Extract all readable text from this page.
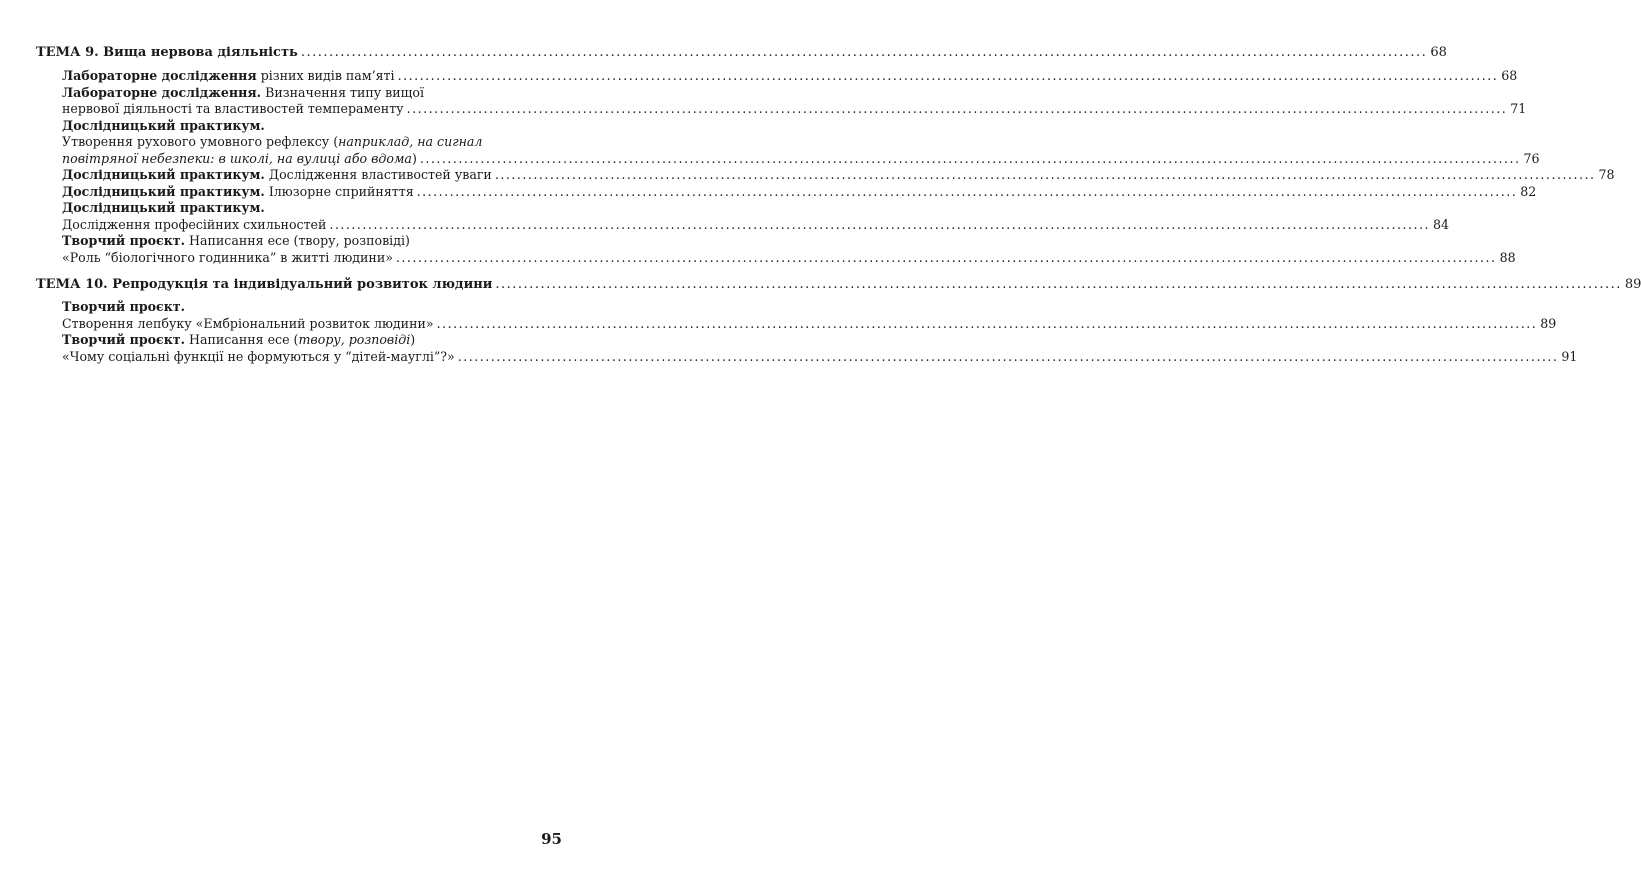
ТЕМА 9. Вища нервова діяльність ........................................................................................................................................................................................................ 68
Лабораторне дослідження різних видів пам’яті ........................................................................................................................................................................................................ 68
Лабораторне дослідження. Визначення типу вищої
нервової діяльності та властивостей темпераменту ........................................................................................................................................................................................................ 71
Дослідницький практикум.
Утворення рухового умовного рефлексу (наприклад, на сигнал
повітряної небезпеки: в школі, на вулиці або вдома) ........................................................................................................................................................................................................ 76
Дослідницький практикум. Дослідження властивостей уваги ........................................................................................................................................................................................................ 78
Дослідницький практикум. Ілюзорне сприйняття ........................................................................................................................................................................................................ 82
Дослідницький практикум.
Дослідження професійних схильностей ........................................................................................................................................................................................................ 84
Творчий проєкт. Написання есе (твору, розповіді)
«Роль “біологічного годинника” в житті людини» ........................................................................................................................................................................................................ 88
ТЕМА 10. Репродукція та індивідуальний розвиток людини ........................................................................................................................................................................................................ 89
Творчий проєкт.
Створення лепбуку «Ембріональний розвиток людини» ........................................................................................................................................................................................................ 89
Творчий проєкт. Написання есе (твору, розповіді)
«Чому соціальні функції не формуються у “дітей-мауглі”?» ........................................................................................................................................................................................................ 91
95
